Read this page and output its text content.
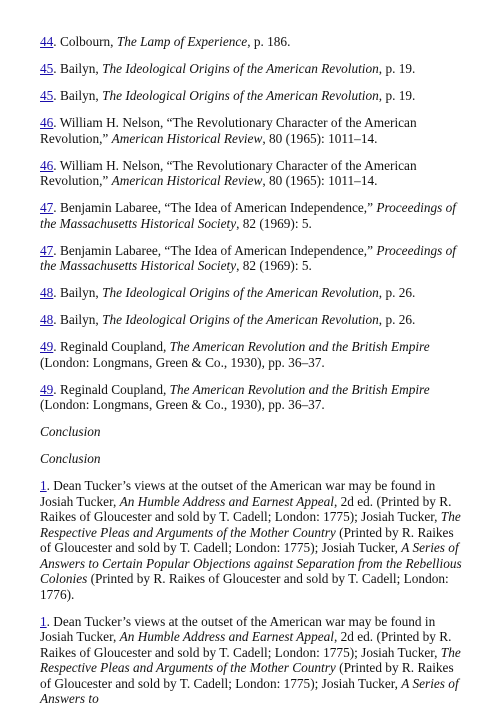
44. Colbourn, The Lamp of Experience, p. 186.

45. Bailyn, The Ideological Origins of the American Revolution, p. 19.

45. Bailyn, The Ideological Origins of the American Revolution, p. 19.

46. William H. Nelson, “The Revolutionary Character of the American Revolution,” American Historical Review, 80 (1965): 1011–14.

46. William H. Nelson, “The Revolutionary Character of the American Revolution,” American Historical Review, 80 (1965): 1011–14.

47. Benjamin Labaree, “The Idea of American Independence,” Proceedings of the Massachusetts Historical Society, 82 (1969): 5.

47. Benjamin Labaree, “The Idea of American Independence,” Proceedings of the Massachusetts Historical Society, 82 (1969): 5.

48. Bailyn, The Ideological Origins of the American Revolution, p. 26.

48. Bailyn, The Ideological Origins of the American Revolution, p. 26.

49. Reginald Coupland, The American Revolution and the British Empire (London: Longmans, Green & Co., 1930), pp. 36–37.

49. Reginald Coupland, The American Revolution and the British Empire (London: Longmans, Green & Co., 1930), pp. 36–37.

Conclusion

Conclusion

1. Dean Tucker’s views at the outset of the American war may be found in Josiah Tucker, An Humble Address and Earnest Appeal, 2d ed. (Printed by R. Raikes of Gloucester and sold by T. Cadell; London: 1775); Josiah Tucker, The Respective Pleas and Arguments of the Mother Country (Printed by R. Raikes of Gloucester and sold by T. Cadell; London: 1775); Josiah Tucker, A Series of Answers to Certain Popular Objections against Separation from the Rebellious Colonies (Printed by R. Raikes of Gloucester and sold by T. Cadell; London: 1776).

1. Dean Tucker’s views at the outset of the American war may be found in Josiah Tucker, An Humble Address and Earnest Appeal, 2d ed. (Printed by R. Raikes of Gloucester and sold by T. Cadell; London: 1775); Josiah Tucker, The Respective Pleas and Arguments of the Mother Country (Printed by R. Raikes of Gloucester and sold by T. Cadell; London: 1775); Josiah Tucker, A Series of Answers to
